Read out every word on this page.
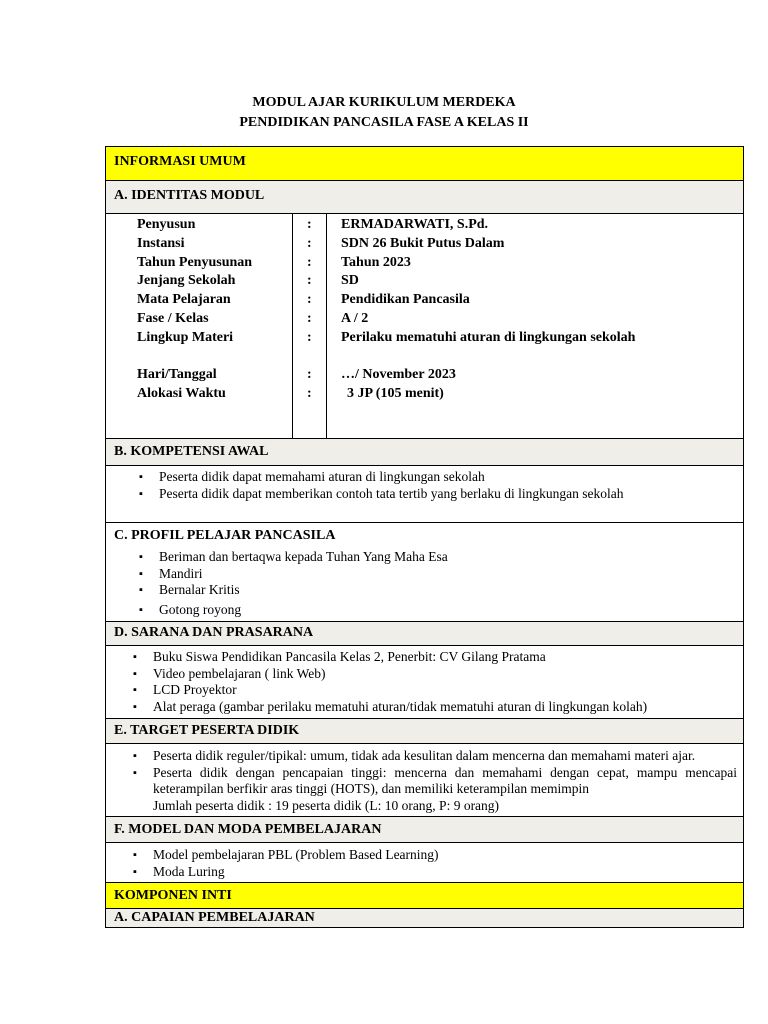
MODUL AJAR KURIKULUM MERDEKA
PENDIDIKAN PANCASILA FASE A KELAS II
INFORMASI UMUM
A. IDENTITAS MODUL
Penyusun	: ERMADARWATI, S.Pd.
Instansi	: SDN 26 Bukit Putus Dalam
Tahun Penyusunan	: Tahun 2023
Jenjang Sekolah	: SD
Mata Pelajaran	: Pendidikan Pancasila
Fase / Kelas	: A / 2
Lingkup Materi	: Perilaku mematuhi aturan di lingkungan sekolah
Hari/Tanggal	: …/ November 2023
Alokasi Waktu	:	3 JP (105 menit)
B. KOMPETENSI AWAL
▪ Peserta didik dapat memahami aturan di lingkungan sekolah
▪ Peserta didik dapat memberikan contoh tata tertib yang berlaku di lingkungan sekolah
C. PROFIL PELAJAR PANCASILA
▪ Beriman dan bertaqwa kepada Tuhan Yang Maha Esa
▪ Mandiri
▪ Bernalar Kritis
▪ Gotong royong
D. SARANA DAN PRASARANA
▪ Buku Siswa Pendidikan Pancasila Kelas 2, Penerbit: CV Gilang Pratama
▪ Video pembelajaran ( link Web)
▪ LCD Proyektor
▪ Alat peraga (gambar perilaku mematuhi aturan/tidak mematuhi aturan di lingkungan kolah)
E. TARGET PESERTA DIDIK
▪ Peserta didik reguler/tipikal: umum, tidak ada kesulitan dalam mencerna dan memahami materi ajar.
▪ Peserta didik dengan pencapaian tinggi: mencerna dan memahami dengan cepat, mampu mencapai keterampilan berfikir aras tinggi (HOTS), dan memiliki keterampilan memimpin
Jumlah peserta didik : 19 peserta didik (L: 10 orang, P: 9 orang)
F. MODEL DAN MODA PEMBELAJARAN
▪ Model pembelajaran PBL (Problem Based Learning)
▪ Moda Luring
KOMPONEN INTI
A. CAPAIAN PEMBELAJARAN
